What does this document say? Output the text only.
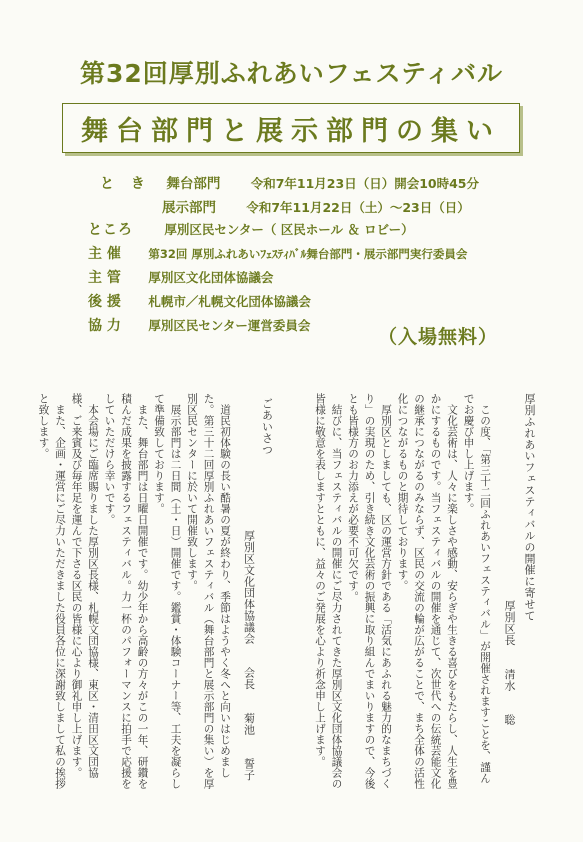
第32回厚別ふれあいフェスティバル
舞台部門と展示部門の集い
と き 舞台部門 令和7年11月23日（日）開会10時45分
展示部門 令和7年11月22日（土）～23日（日）
ところ	厚別区民センター（ 区民ホール ＆ ロビー）
主 催 第32回 厚別ふれあいﾌｪｽﾃｨﾊﾞﾙ舞台部門・展示部門実行委員会
主 管 厚別区文化団体協議会
後 援 札幌市／札幌文化団体協議会
協 力 厚別区民センター運営委員会
（入場無料）
厚別ふれあいフェスティバルの開催に寄せて
厚別区長　　清水　　聡
　この度、「第三十二回ふれあいフェスティバル」が開催されますことを、謹んでお慶び申し上げます。
　文化芸術は、人々に楽しさや感動、安らぎや生きる喜びをもたらし、人生を豊かにするものです。当フェスティバルの開催を通じて、次世代への伝統芸能文化の継承につながるのみならず、区民の交流の輪が広がることで、まち全体の活性化につながるものと期待しております。
　厚別区としましても、区の運営方針である「活気にあふれる魅力的なまちづくり」の実現のため、引き続き文化芸術の振興に取り組んでまいりますので、今後とも皆様方のお力添えが必要不可欠です。
　結びに、当フェスティバルの開催にご尽力されてきた厚別区文化団体協議会の皆様に敬意を表しますとともに、益々のご発展を心より祈念申し上げます。
ごあいさつ
厚別区文化団体協議会　　会長　　菊池　　誓子
　道民初体験の長い酷暑の夏が終わり、季節はようやく冬へと向いはじめました。第三十二回厚別ふれあいフェスティバル（舞台部門と展示部門の集い）を厚別区民センターに於いて開催致します。
　展示部門は二日間（土・日）開催です。鑑賞・体験コーナー等、工夫を凝らして準備致しております。
　また、舞台部門は日曜日開催です。幼少年から高齢の方々がこの一年、研鑽を積んだ成果を披露するフェスティバル。力一杯のパフォーマンスに拍手で応援をしていただけら幸いです。
　本会場にご臨席賜りました厚別区長様、札幌文団協様、東区・清田区文団協様、ご来賓及び毎年足を運んで下さる区民の皆様に心より御礼申し上げます。
　また、企画・運営にご尽力いただきました役員各位に深謝致しまして私の挨拶と致します。
